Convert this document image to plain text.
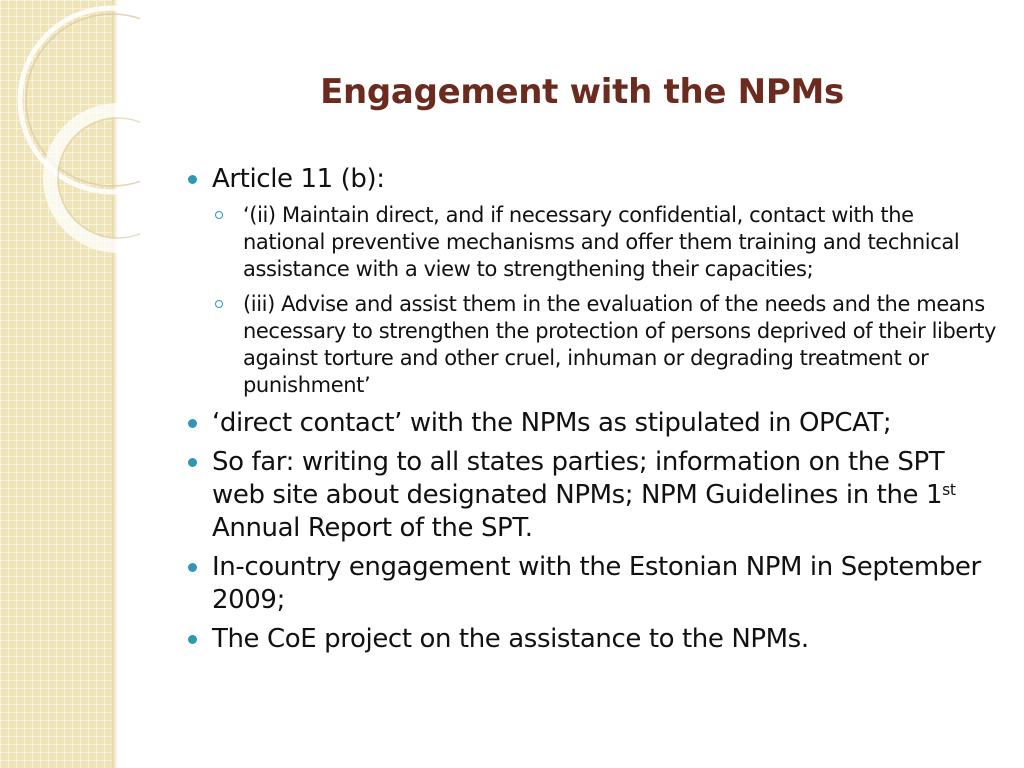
Engagement with the NPMs
Article 11 (b):
‘(ii) Maintain direct, and if necessary confidential, contact with the national preventive mechanisms and offer them training and technical assistance with a view to strengthening their capacities;
(iii) Advise and assist them in the evaluation of the needs and the means necessary to strengthen the protection of persons deprived of their liberty against torture and other cruel, inhuman or degrading treatment or punishment’
‘direct contact’ with the NPMs as stipulated in OPCAT;
So far: writing to all states parties; information on the SPT web site about designated NPMs; NPM Guidelines in the 1st Annual Report of the SPT.
In-country engagement with the Estonian NPM in September 2009;
The CoE project on the assistance to the NPMs.
